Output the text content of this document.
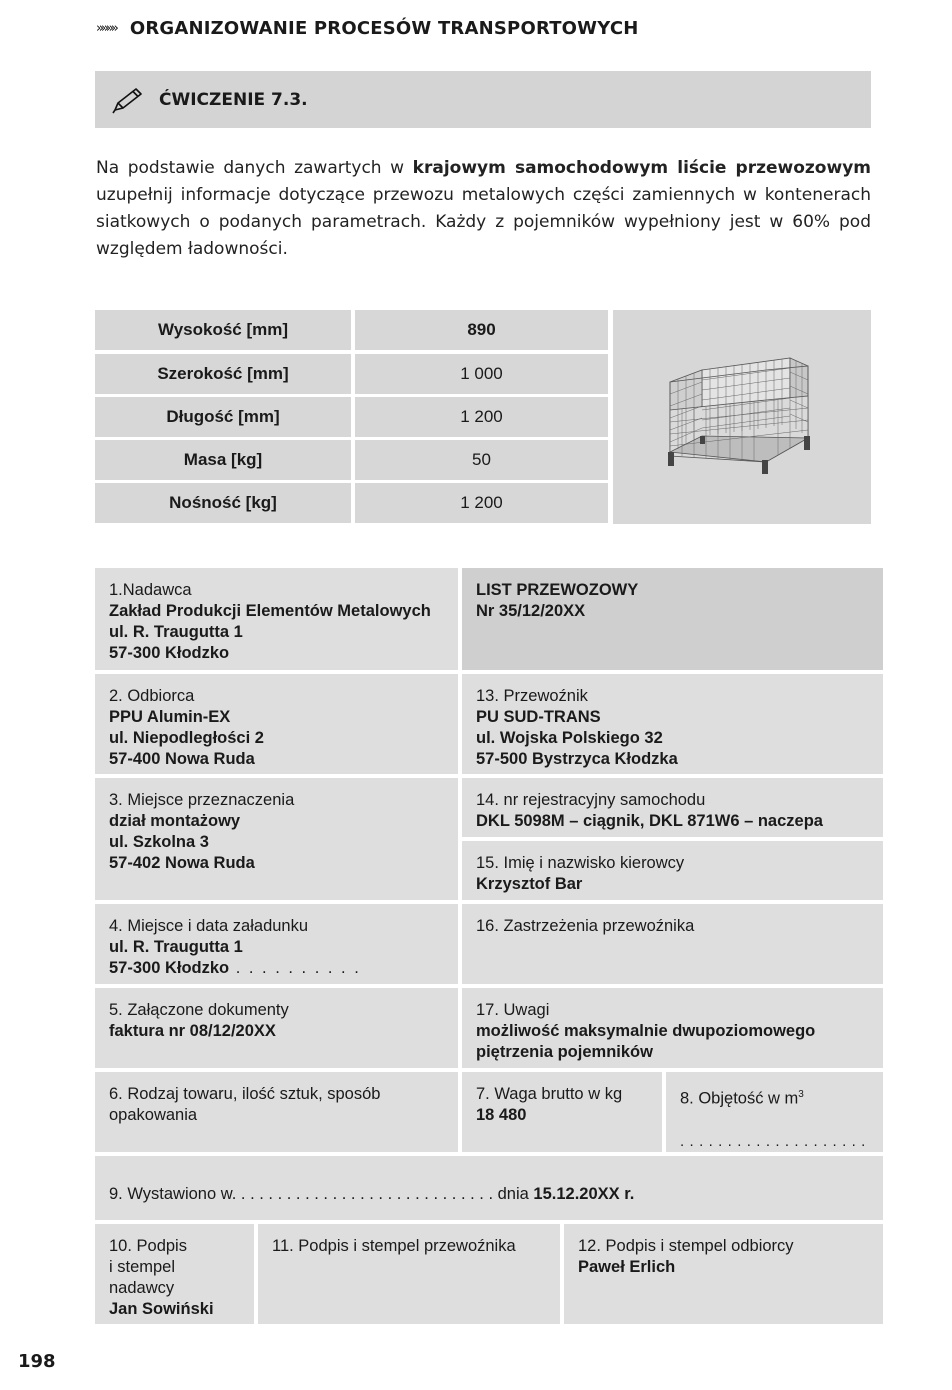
»»»» ORGANIZOWANIE PROCESÓW TRANSPORTOWYCH
ĆWICZENIE 7.3.

Na podstawie danych zawartych w krajowym samochodowym liście przewozowym uzupełnij informacje dotyczące przewozu metalowych części zamiennych w kontenerach siatkowych o podanych parametrach. Każdy z pojemników wypełniony jest w 60% pod względem ładowności.

Wysokość [mm]	890
Szerokość [mm]	1 000
Długość [mm]	1 200
Masa [kg]	50
Nośność [kg]	1 200
1.Nadawca
Zakład Produkcji Elementów Metalowych
ul. R. Traugutta 1
57-300 Kłodzko
LIST PRZEWOZOWY
Nr 35/12/20XX
2. Odbiorca
PPU Alumin-EX
ul. Niepodległości 2
57-400 Nowa Ruda
13. Przewoźnik
PU SUD-TRANS
ul. Wojska Polskiego 32
57-500 Bystrzyca Kłodzka
3. Miejsce przeznaczenia
dział montażowy
ul. Szkolna 3
57-402 Nowa Ruda
14. nr rejestracyjny samochodu
DKL 5098M – ciągnik, DKL 871W6 – naczepa
15. Imię i nazwisko kierowcy
Krzysztof Bar
4. Miejsce i data załadunku
ul. R. Traugutta 1
57-300 Kłodzko . . . . . . . . . .
16. Zastrzeżenia przewoźnika
5. Załączone dokumenty
faktura nr 08/12/20XX
17. Uwagi
możliwość maksymalnie dwupoziomowego
piętrzenia pojemników
6. Rodzaj towaru, ilość sztuk, sposób opakowania
7. Waga brutto w kg
18 480
8. Objętość w $m^3$
. . . . . . . . . . . . . . . . . . . .
9. Wystawiono w. . . . . . . . . . . . . . . . . . . . . . . . . . . . . dnia 15.12.20XX r.
10. Podpis
i stempel nadawcy
Jan Sowiński
11. Podpis i stempel przewoźnika	12. Podpis i stempel odbiorcy
Paweł Erlich
198
